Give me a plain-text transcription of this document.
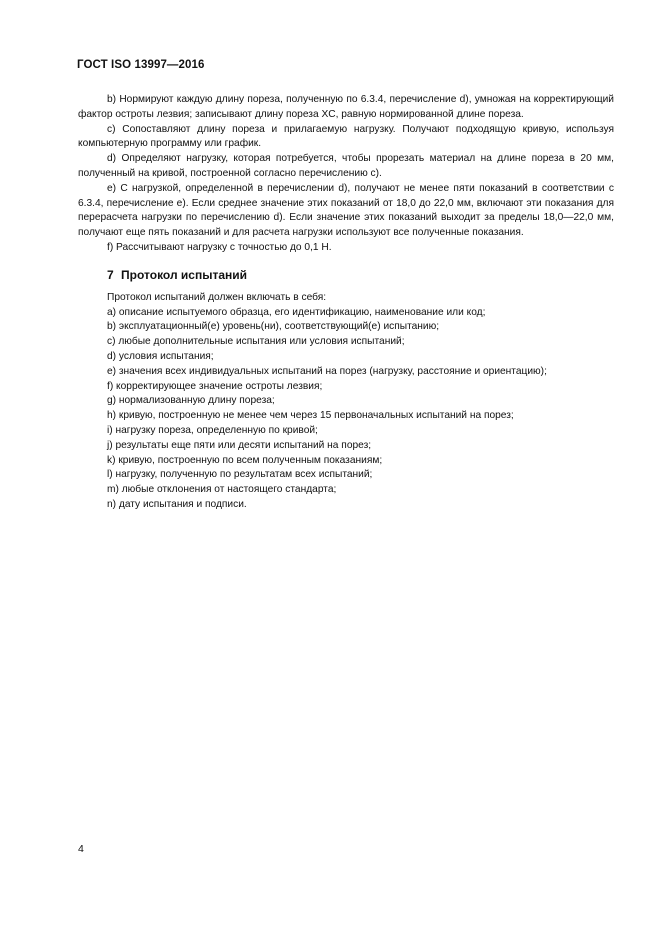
ГОСТ ISO 13997—2016

b) Нормируют каждую длину пореза, полученную по 6.3.4, перечисление d), умножая на корректирующий фактор остроты лезвия; записывают длину пореза XC, равную нормированной длине пореза.

c) Сопоставляют длину пореза и прилагаемую нагрузку. Получают подходящую кривую, используя компьютерную программу или график.

d) Определяют нагрузку, которая потребуется, чтобы прорезать материал на длине пореза в 20 мм, полученный на кривой, построенной согласно перечислению c).

e) С нагрузкой, определенной в перечислении d), получают не менее пяти показаний в соответствии с 6.3.4, перечисление е). Если среднее значение этих показаний от 18,0 до 22,0 мм, включают эти показания для перерасчета нагрузки по перечислению d). Если значение этих показаний выходит за пределы 18,0—22,0 мм, получают еще пять показаний и для расчета нагрузки используют все полученные показания.

f) Рассчитывают нагрузку с точностью до 0,1 Н.

7 Протокол испытаний

Протокол испытаний должен включать в себя:

a) описание испытуемого образца, его идентификацию, наименование или код;
b) эксплуатационный(е) уровень(ни), соответствующий(е) испытанию;
c) любые дополнительные испытания или условия испытаний;
d) условия испытания;
e) значения всех индивидуальных испытаний на порез (нагрузку, расстояние и ориентацию);
f) корректирующее значение остроты лезвия;
g) нормализованную длину пореза;
h) кривую, построенную не менее чем через 15 первоначальных испытаний на порез;
i) нагрузку пореза, определенную по кривой;
j) результаты еще пяти или десяти испытаний на порез;
k) кривую, построенную по всем полученным показаниям;
l) нагрузку, полученную по результатам всех испытаний;
m) любые отклонения от настоящего стандарта;
n) дату испытания и подписи.
4
